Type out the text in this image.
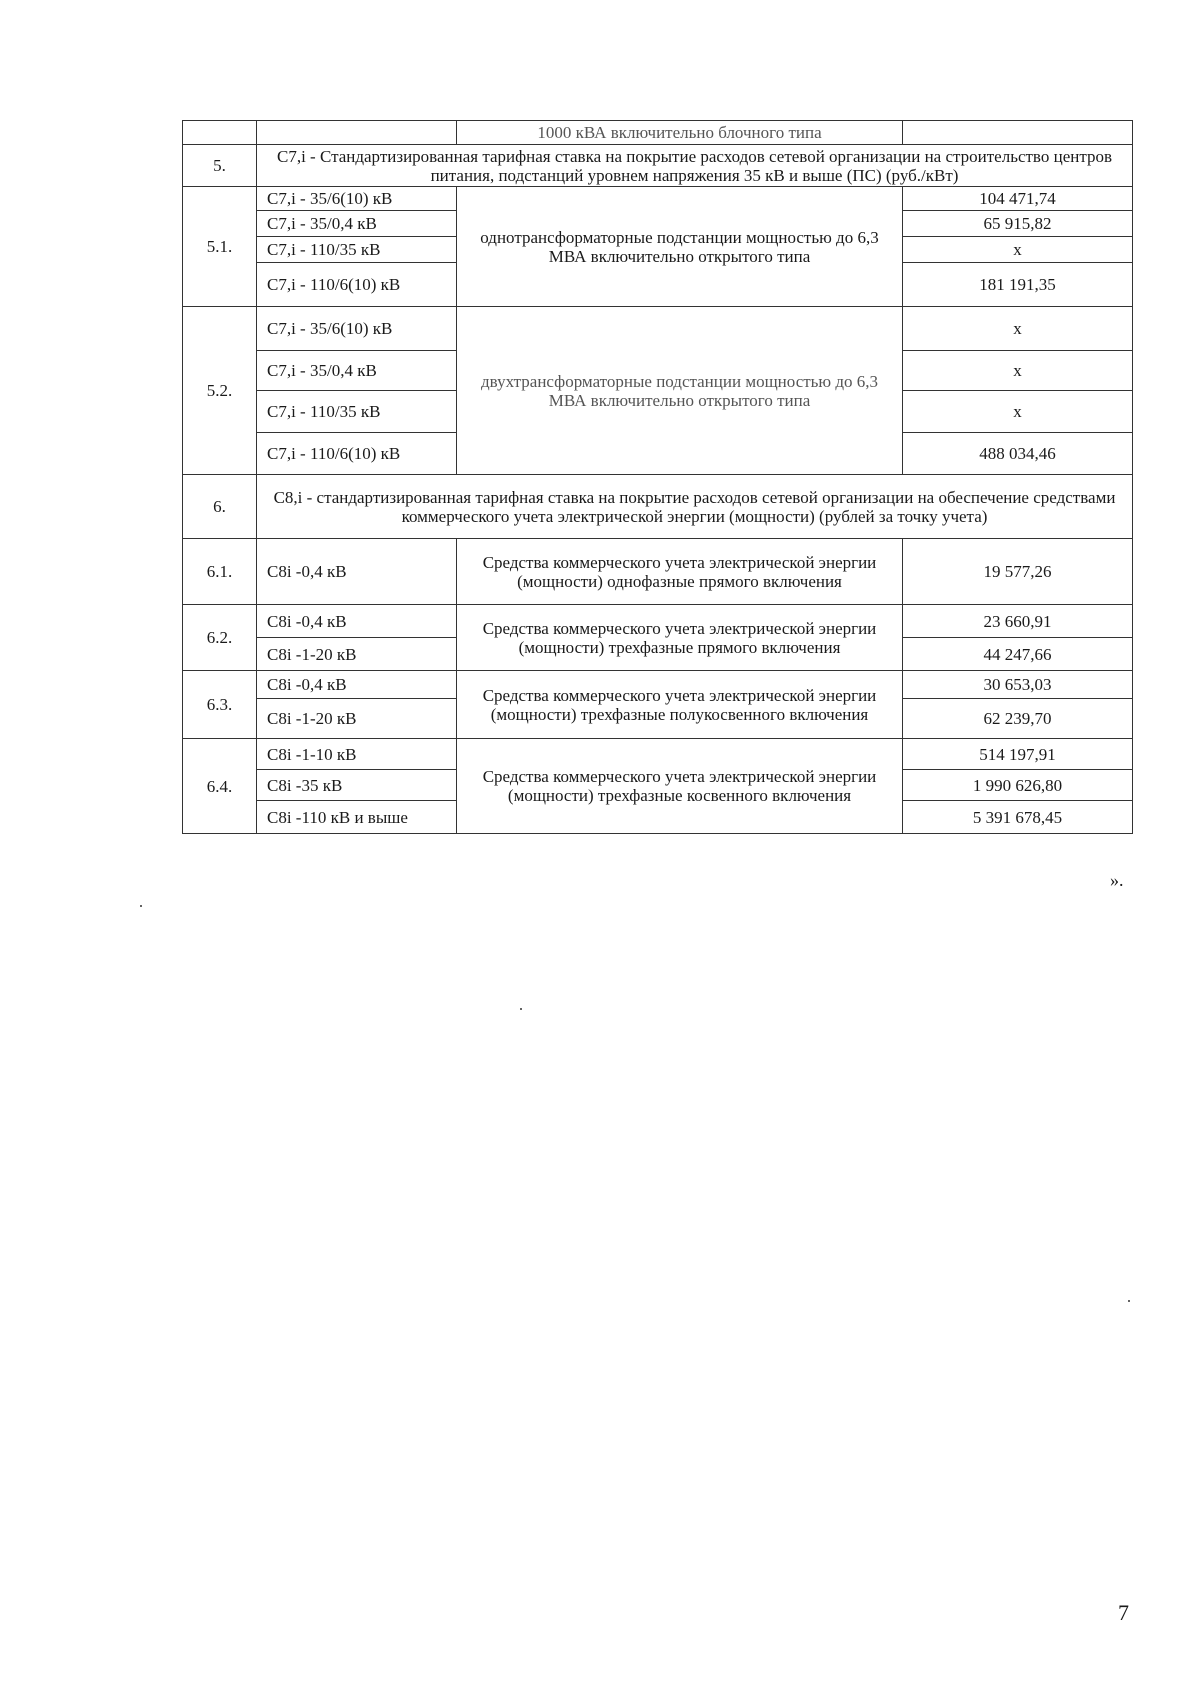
		1000 кВА включительно блочного типа	
5.	С7,i - Стандартизированная тарифная ставка на покрытие расходов сетевой организации на строительство центров питания, подстанций уровнем напряжения 35 кВ и выше (ПС) (руб./кВт)		
5.1.	С7,i - 35/6(10) кВ	однотрансформаторные подстанции мощностью до 6,3 МВА включительно открытого типа	104 471,74
	С7,i - 35/0,4 кВ		65 915,82
	С7,i - 110/35 кВ		х
	С7,i - 110/6(10) кВ		181 191,35
5.2.	С7,i - 35/6(10) кВ	двухтрансформаторные подстанции мощностью до 6,3 МВА включительно открытого типа	х
	С7,i - 35/0,4 кВ		х
	С7,i - 110/35 кВ		х
	С7,i - 110/6(10) кВ		488 034,46
6.	С8,i - стандартизированная тарифная ставка на покрытие расходов сетевой организации на обеспечение средствами коммерческого учета электрической энергии (мощности) (рублей за точку учета)		
6.1.	С8i -0,4 кВ	Средства коммерческого учета электрической энергии (мощности) однофазные прямого включения	19 577,26
6.2.	С8i -0,4 кВ	Средства коммерческого учета электрической энергии (мощности) трехфазные прямого включения	23 660,91
	С8i -1-20 кВ		44 247,66
6.3.	С8i -0,4 кВ	Средства коммерческого учета электрической энергии (мощности) трехфазные полукосвенного включения	30 653,03
	С8i -1-20 кВ		62 239,70
6.4.	С8i -1-10 кВ	Средства коммерческого учета электрической энергии (мощности) трехфазные косвенного включения	514 197,91
	С8i -35 кВ		1 990 626,80
	С8i -110 кВ и выше		5 391 678,45
».
7
